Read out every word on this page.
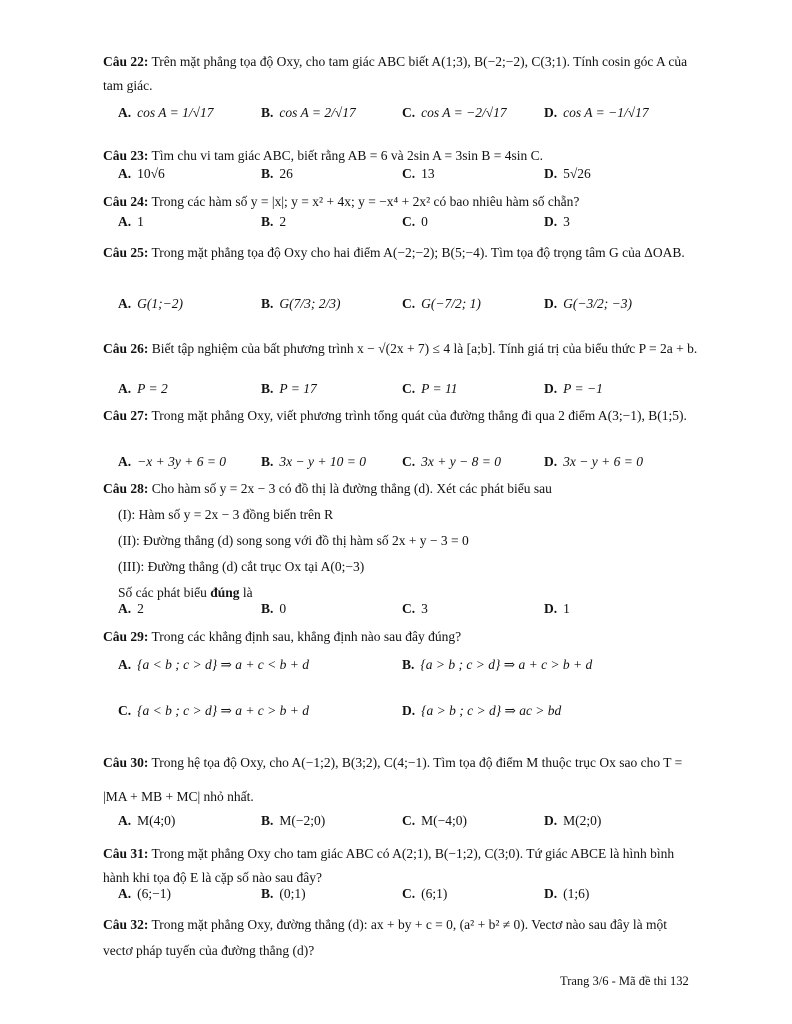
Câu 22: Trên mặt phẳng tọa độ Oxy, cho tam giác ABC biết A(1;3), B(−2;−2), C(3;1). Tính cosin góc A của tam giác.
A. cos A = 1/√17	B. cos A = 2/√17	C. cos A = −2/√17	D. cos A = −1/√17
Câu 23: Tìm chu vi tam giác ABC, biết rằng AB = 6 và 2sin A = 3sin B = 4sin C.
A. 10√6	B. 26	C. 13	D. 5√26
Câu 24: Trong các hàm số y = |x|; y = x² + 4x; y = −x⁴ + 2x² có bao nhiêu hàm số chẵn?
A. 1	B. 2	C. 0	D. 3
Câu 25: Trong mặt phẳng tọa độ Oxy cho hai điểm A(−2;−2); B(5;−4). Tìm tọa độ trọng tâm G của ΔOAB.
A. G(1;−2)	B. G(7/3; 2/3)	C. G(−7/2; 1)	D. G(−3/2; −3)
Câu 26: Biết tập nghiệm của bất phương trình x − √(2x + 7) ≤ 4 là [a;b]. Tính giá trị của biểu thức P = 2a + b.
A. P = 2	B. P = 17	C. P = 11	D. P = −1
Câu 27: Trong mặt phẳng Oxy, viết phương trình tổng quát của đường thẳng đi qua 2 điểm A(3;−1), B(1;5).
A. −x + 3y + 6 = 0	B. 3x − y + 10 = 0	C. 3x + y − 8 = 0	D. 3x − y + 6 = 0
Câu 28: Cho hàm số y = 2x − 3 có đồ thị là đường thẳng (d). Xét các phát biểu sau
(I): Hàm số y = 2x − 3 đồng biến trên R
(II): Đường thẳng (d) song song với đồ thị hàm số 2x + y − 3 = 0
(III): Đường thẳng (d) cắt trục Ox tại A(0;−3)
Số các phát biểu đúng là
A. 2	B. 0	C. 3	D. 1
Câu 29: Trong các khẳng định sau, khẳng định nào sau đây đúng?
A. {a < b ; c > d} ⇒ a + c < b + d	B. {a > b ; c > d} ⇒ a + c > b + d
C. {a < b ; c > d} ⇒ a + c > b + d	D. {a > b ; c > d} ⇒ ac > bd
Câu 30: Trong hệ tọa độ Oxy, cho A(−1;2), B(3;2), C(4;−1). Tìm tọa độ điểm M thuộc trục Ox sao cho T = |MA + MB + MC| nhỏ nhất.
A. M(4;0)	B. M(−2;0)	C. M(−4;0)	D. M(2;0)
Câu 31: Trong mặt phẳng Oxy cho tam giác ABC có A(2;1), B(−1;2), C(3;0). Tứ giác ABCE là hình bình hành khi tọa độ E là cặp số nào sau đây?
A. (6;−1)	B. (0;1)	C. (6;1)	D. (1;6)
Câu 32: Trong mặt phẳng Oxy, đường thẳng (d): ax + by + c = 0, (a² + b² ≠ 0). Vectơ nào sau đây là một vectơ pháp tuyến của đường thẳng (d)?
Trang 3/6 - Mã đề thi 132
